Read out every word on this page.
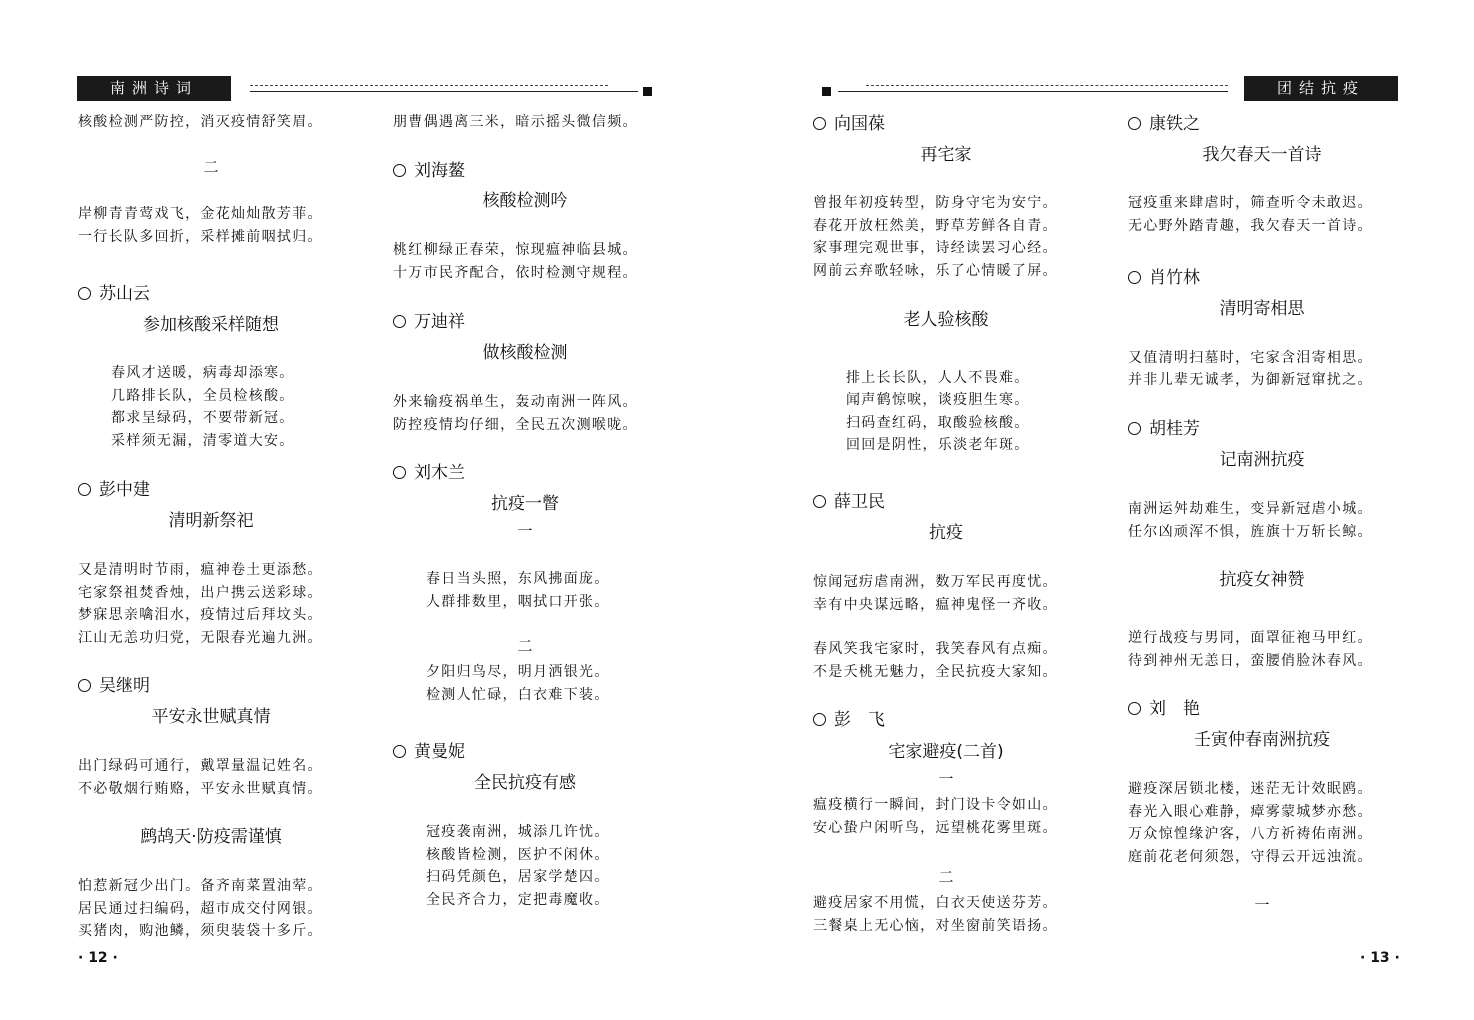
南洲诗词	团结抗疫
核酸检测严防控，消灭疫情舒笑眉。
二
岸柳青青莺戏飞，金花灿灿散芳菲。
一行长队多回折，采样摊前咽拭归。
苏山云
参加核酸采样随想
春风才送暖，病毒却添寒。
几路排长队，全员检核酸。
都求呈绿码，不要带新冠。
采样须无漏，清零道大安。
彭中建
清明新祭祀
又是清明时节雨，瘟神卷土更添愁。
宅家祭祖焚香烛，出户携云送彩球。
梦寐思亲噙泪水，疫情过后拜坟头。
江山无恙功归党，无限春光遍九洲。
吴继明
平安永世赋真情
出门绿码可通行，戴罩量温记姓名。
不必敬烟行贿赂，平安永世赋真情。
鹧鸪天·防疫需谨慎
怕惹新冠少出门。备齐南菜置油荤。
居民通过扫编码，超市成交付网银。
买猪肉，购池鳞，须臾装袋十多斤。
· 12 ·
朋曹偶遇离三米，暗示摇头微信频。
刘海鳌
核酸检测吟
桃红柳绿正春荣，惊现瘟神临县城。
十万市民齐配合，依时检测守规程。
万迪祥
做核酸检测
外来输疫祸单生，轰动南洲一阵风。
防控疫情均仔细，全民五次测喉咙。
刘木兰
抗疫一瞥
一
春日当头照，东风拂面庞。
人群排数里，咽拭口开张。
二
夕阳归鸟尽，明月洒银光。
检测人忙碌，白衣难下装。
黄曼妮
全民抗疫有感
冠疫袭南洲，城添几许忧。
核酸皆检测，医护不闲休。
扫码凭颜色，居家学楚囚。
全民齐合力，定把毒魔收。
向国葆
再宅家
曾报年初疫转型，防身守宅为安宁。
春花开放枉然美，野草芳鲜各自青。
家事理完观世事，诗经读罢习心经。
网前云弃歌轻咏，乐了心情暖了屏。
老人验核酸
排上长长队，人人不畏难。
闻声鹤惊唳，谈疫胆生寒。
扫码查红码，取酸验核酸。
回回是阴性，乐淡老年斑。
薛卫民
抗疫
惊闻冠疠虐南洲，数万军民再度忧。
幸有中央谋远略，瘟神鬼怪一齐收。
春风笑我宅家时，我笑春风有点痴。
不是夭桃无魅力，全民抗疫大家知。
彭　飞
宅家避疫(二首)
一
瘟疫横行一瞬间，封门设卡令如山。
安心蛰户闲听鸟，远望桃花雾里斑。
二
避疫居家不用慌，白衣天使送芬芳。
三餐桌上无心恼，对坐窗前笑语扬。
康铁之
我欠春天一首诗
冠疫重来肆虐时，筛查听令未敢迟。
无心野外踏青趣，我欠春天一首诗。
肖竹林
清明寄相思
又值清明扫墓时，宅家含泪寄相思。
并非儿辈无诚孝，为御新冠窜扰之。
胡桂芳
记南洲抗疫
南洲运舛劫难生，变异新冠虐小城。
任尔凶顽浑不惧，旌旗十万斩长鲸。
抗疫女神赞
逆行战疫与男同，面罩征袍马甲红。
待到神州无恙日，蛮腰俏脸沐春风。
刘　艳
壬寅仲春南洲抗疫
避疫深居锁北楼，迷茫无计效眠鸥。
春光入眼心难静，瘴雾蒙城梦亦愁。
万众惊惶缘沪客，八方祈祷佑南洲。
庭前花老何须怨，守得云开远浊流。
一
· 13 ·
